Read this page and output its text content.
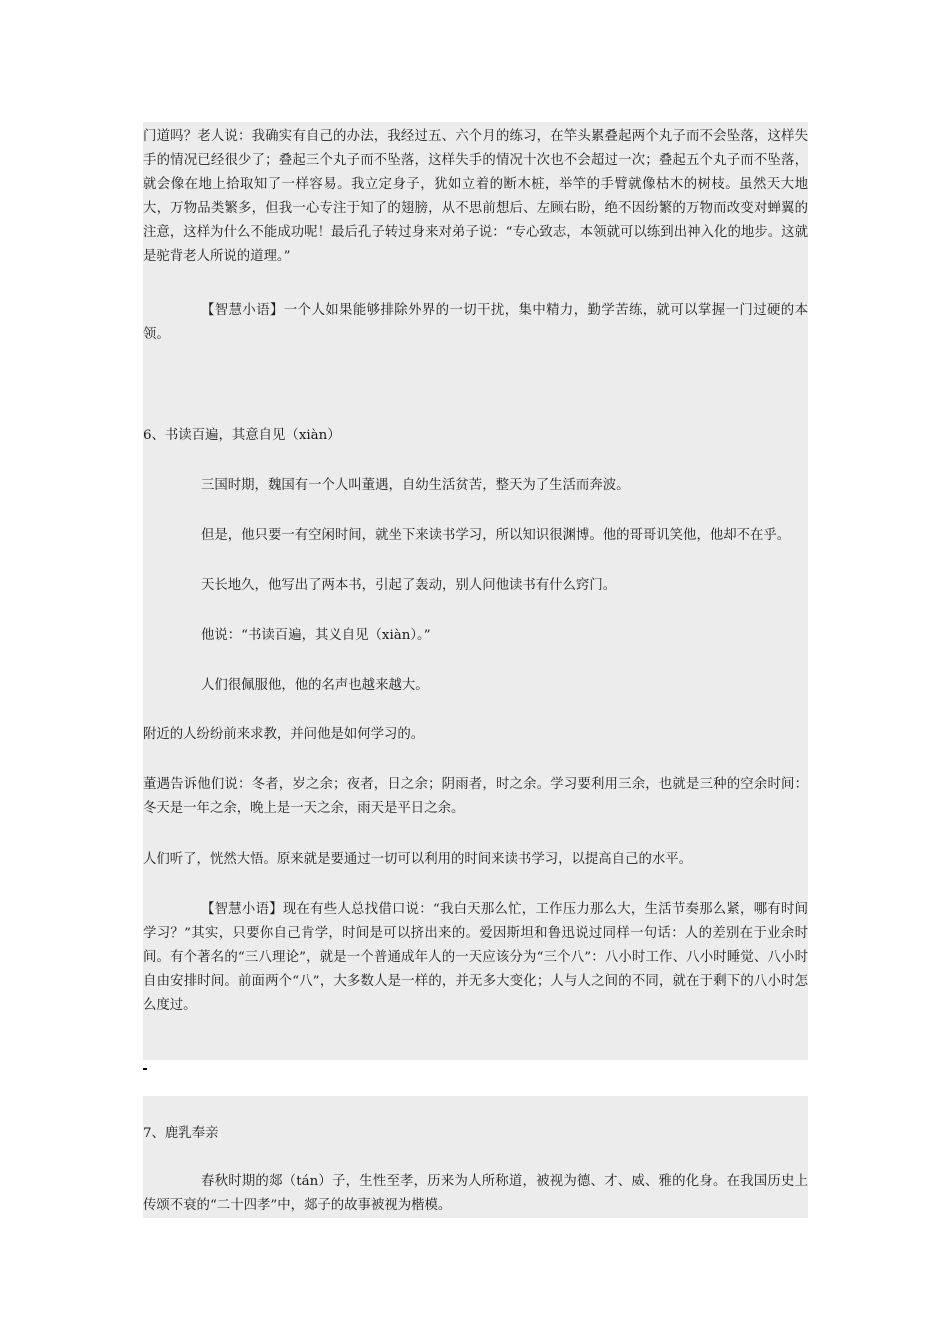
门道吗？老人说：我确实有自己的办法，我经过五、六个月的练习，在竿头累叠起两个丸子而不会坠落，这样失手的情况已经很少了；叠起三个丸子而不坠落，这样失手的情况十次也不会超过一次；叠起五个丸子而不坠落，就会像在地上拾取知了一样容易。我立定身子，犹如立着的断木桩，举竿的手臂就像枯木的树枝。虽然天大地大，万物品类繁多，但我一心专注于知了的翅膀，从不思前想后、左顾右盼，绝不因纷繁的万物而改变对蝉翼的注意，这样为什么不能成功呢！最后孔子转过身来对弟子说：“专心致志，本领就可以练到出神入化的地步。这就是驼背老人所说的道理。”

【智慧小语】一个人如果能够排除外界的一切干扰，集中精力，勤学苦练，就可以掌握一门过硬的本领。

6、书读百遍，其意自见（xiàn）

三国时期，魏国有一个人叫董遇，自幼生活贫苦，整天为了生活而奔波。

但是，他只要一有空闲时间，就坐下来读书学习，所以知识很渊博。他的哥哥讥笑他，他却不在乎。

天长地久，他写出了两本书，引起了轰动，别人问他读书有什么窍门。

他说：“书读百遍，其义自见（xiàn）。”

人们很佩服他，他的名声也越来越大。

附近的人纷纷前来求教，并问他是如何学习的。

董遇告诉他们说：冬者，岁之余；夜者，日之余；阴雨者，时之余。学习要利用三余，也就是三种的空余时间：冬天是一年之余，晚上是一天之余，雨天是平日之余。

人们听了，恍然大悟。原来就是要通过一切可以利用的时间来读书学习，以提高自己的水平。

【智慧小语】现在有些人总找借口说：“我白天那么忙，工作压力那么大，生活节奏那么紧，哪有时间学习？”其实，只要你自己肯学，时间是可以挤出来的。爱因斯坦和鲁迅说过同样一句话：人的差别在于业余时间。有个著名的“三八理论”，就是一个普通成年人的一天应该分为“三个八”：八小时工作、八小时睡觉、八小时自由安排时间。前面两个“八”，大多数人是一样的，并无多大变化；人与人之间的不同，就在于剩下的八小时怎么度过。

7、鹿乳奉亲

春秋时期的郯（tán）子，生性至孝，历来为人所称道，被视为德、才、威、雅的化身。在我国历史上传颂不衰的“二十四孝”中，郯子的故事被视为楷模。
